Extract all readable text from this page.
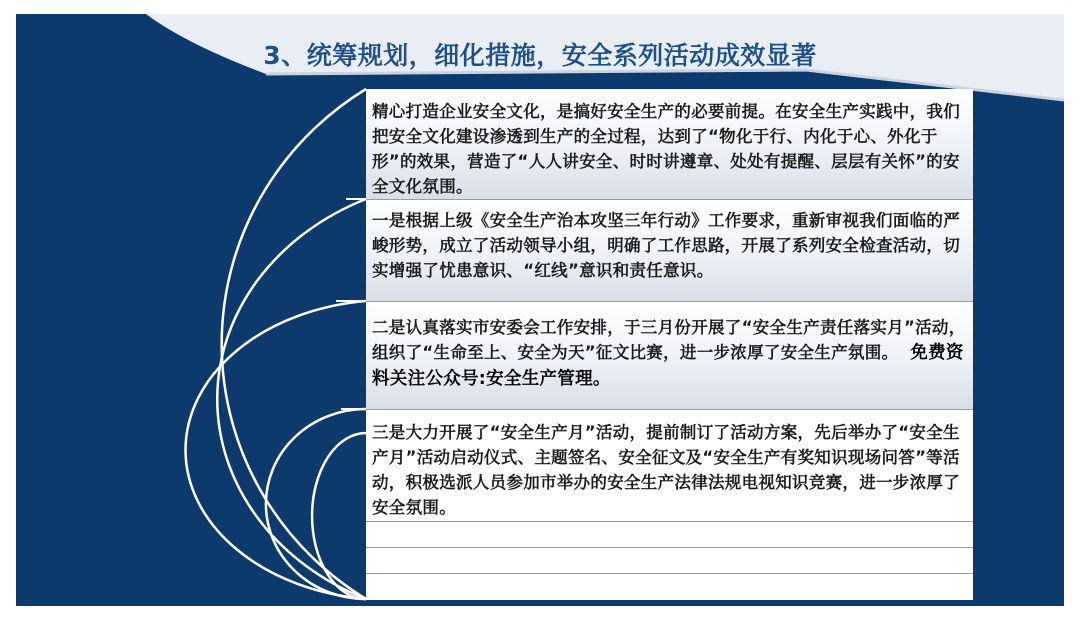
3、统筹规划，细化措施，安全系列活动成效显著
精心打造企业安全文化，是搞好安全生产的必要前提。在安全生产实践中，我们把安全文化建设渗透到生产的全过程，达到了“物化于行、内化于心、外化于形”的效果，营造了“人人讲安全、时时讲遵章、处处有提醒、层层有关怀”的安全文化氛围。
一是根据上级《安全生产治本攻坚三年行动》工作要求，重新审视我们面临的严峻形势，成立了活动领导小组，明确了工作思路，开展了系列安全检查活动，切实增强了忧患意识、“红线”意识和责任意识。
二是认真落实市安委会工作安排，于三月份开展了“安全生产责任落实月”活动，组织了“生命至上、安全为天”征文比赛，进一步浓厚了安全生产氛围。 免费资料关注公众号:安全生产管理。
三是大力开展了“安全生产月”活动，提前制订了活动方案，先后举办了“安全生产月”活动启动仪式、主题签名、安全征文及“安全生产有奖知识现场问答”等活动，积极选派人员参加市举办的安全生产法律法规电视知识竞赛，进一步浓厚了安全氛围。
